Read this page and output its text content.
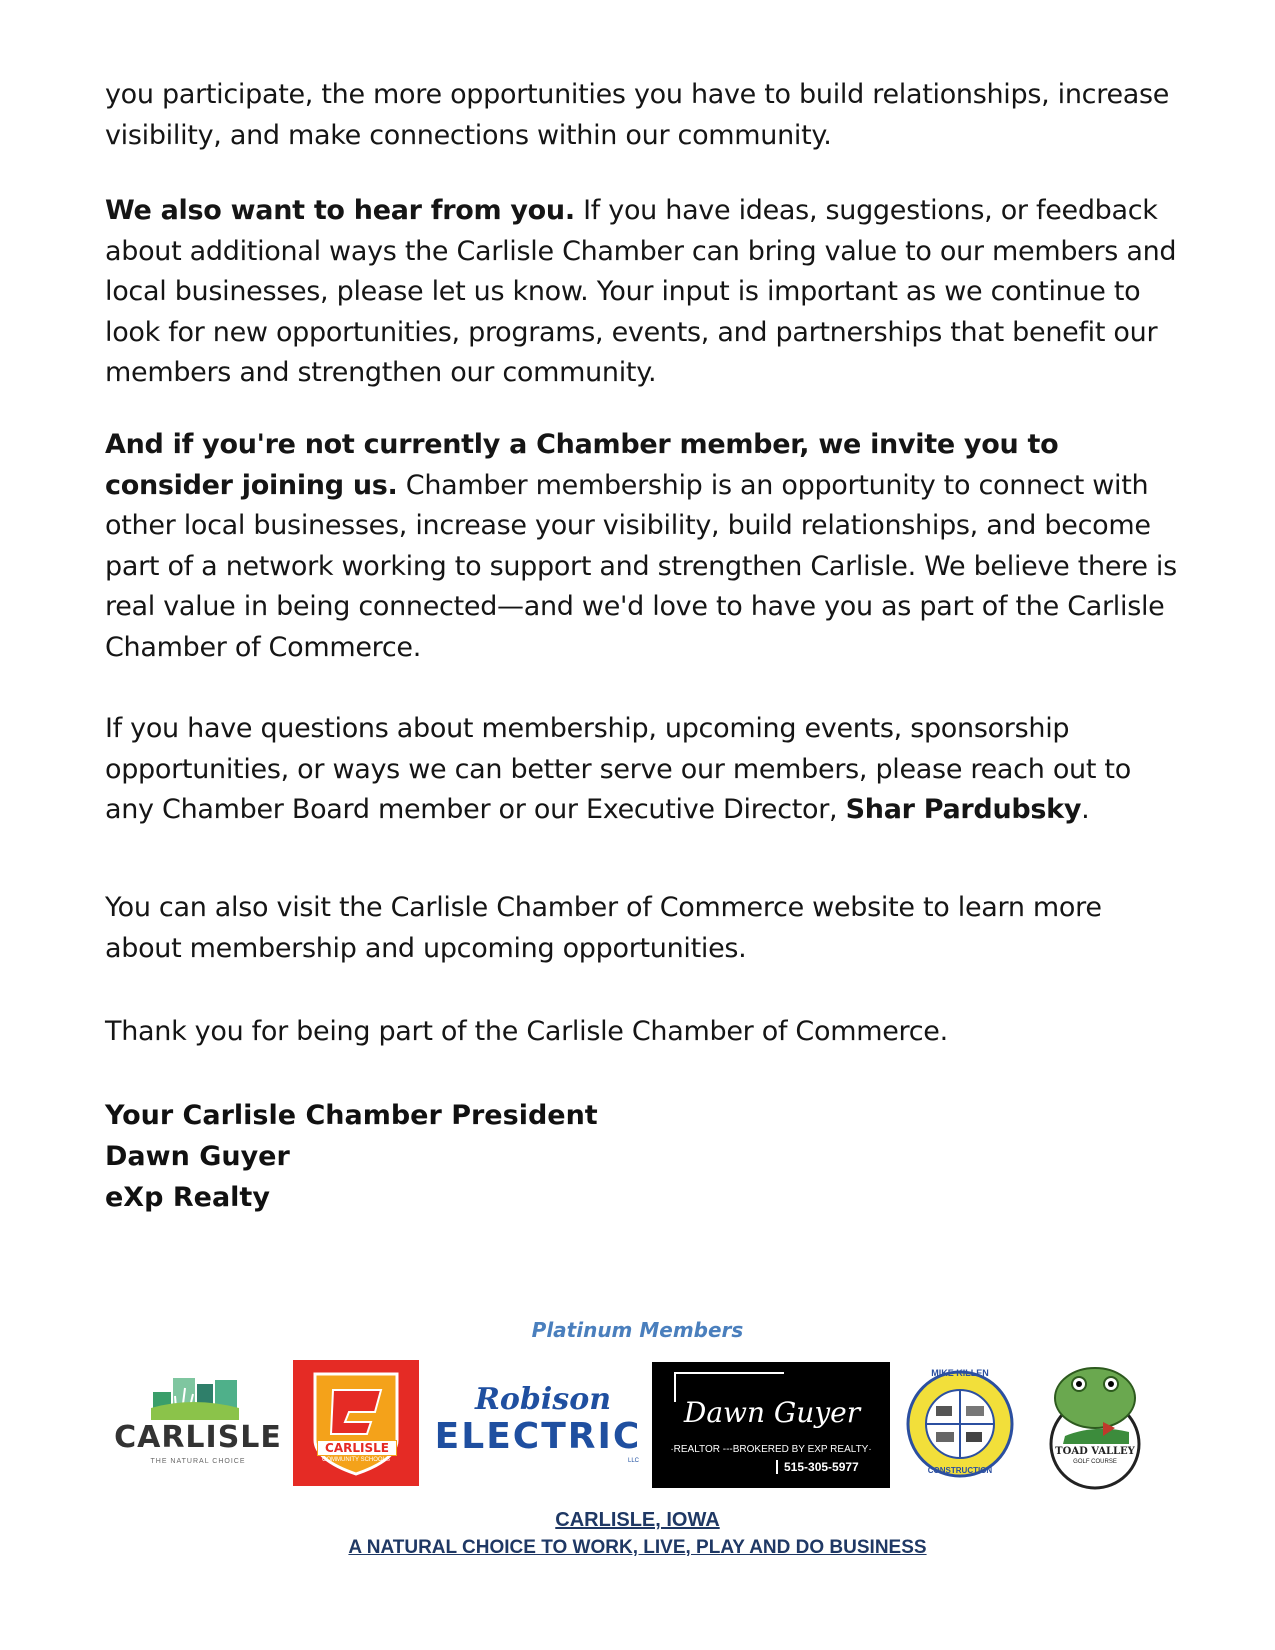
you participate, the more opportunities you have to build relationships, increase visibility, and make connections within our community.

We also want to hear from you. If you have ideas, suggestions, or feedback about additional ways the Carlisle Chamber can bring value to our members and local businesses, please let us know. Your input is important as we continue to look for new opportunities, programs, events, and partnerships that benefit our members and strengthen our community.

And if you're not currently a Chamber member, we invite you to consider joining us. Chamber membership is an opportunity to connect with other local businesses, increase your visibility, build relationships, and become part of a network working to support and strengthen Carlisle. We believe there is real value in being connected—and we'd love to have you as part of the Carlisle Chamber of Commerce.

If you have questions about membership, upcoming events, sponsorship opportunities, or ways we can better serve our members, please reach out to any Chamber Board member or our Executive Director, Shar Pardubsky.

You can also visit the Carlisle Chamber of Commerce website to learn more about membership and upcoming opportunities.

Thank you for being part of the Carlisle Chamber of Commerce.

Your Carlisle Chamber President
Dawn Guyer
eXp Realty
Platinum Members
CARLISLE
THE NATURAL CHOICE
CARLISLE
COMMUNITY SCHOOLS
Robison
ELECTRIC
LLC
Dawn Guyer
·REALTOR ---BROKERED BY EXP REALTY·
515-305-5977
MIKE KILLEN
CONSTRUCTION
TOAD VALLEY
GOLF COURSE
CARLISLE, IOWA
A NATURAL CHOICE TO WORK, LIVE, PLAY AND DO BUSINESS
